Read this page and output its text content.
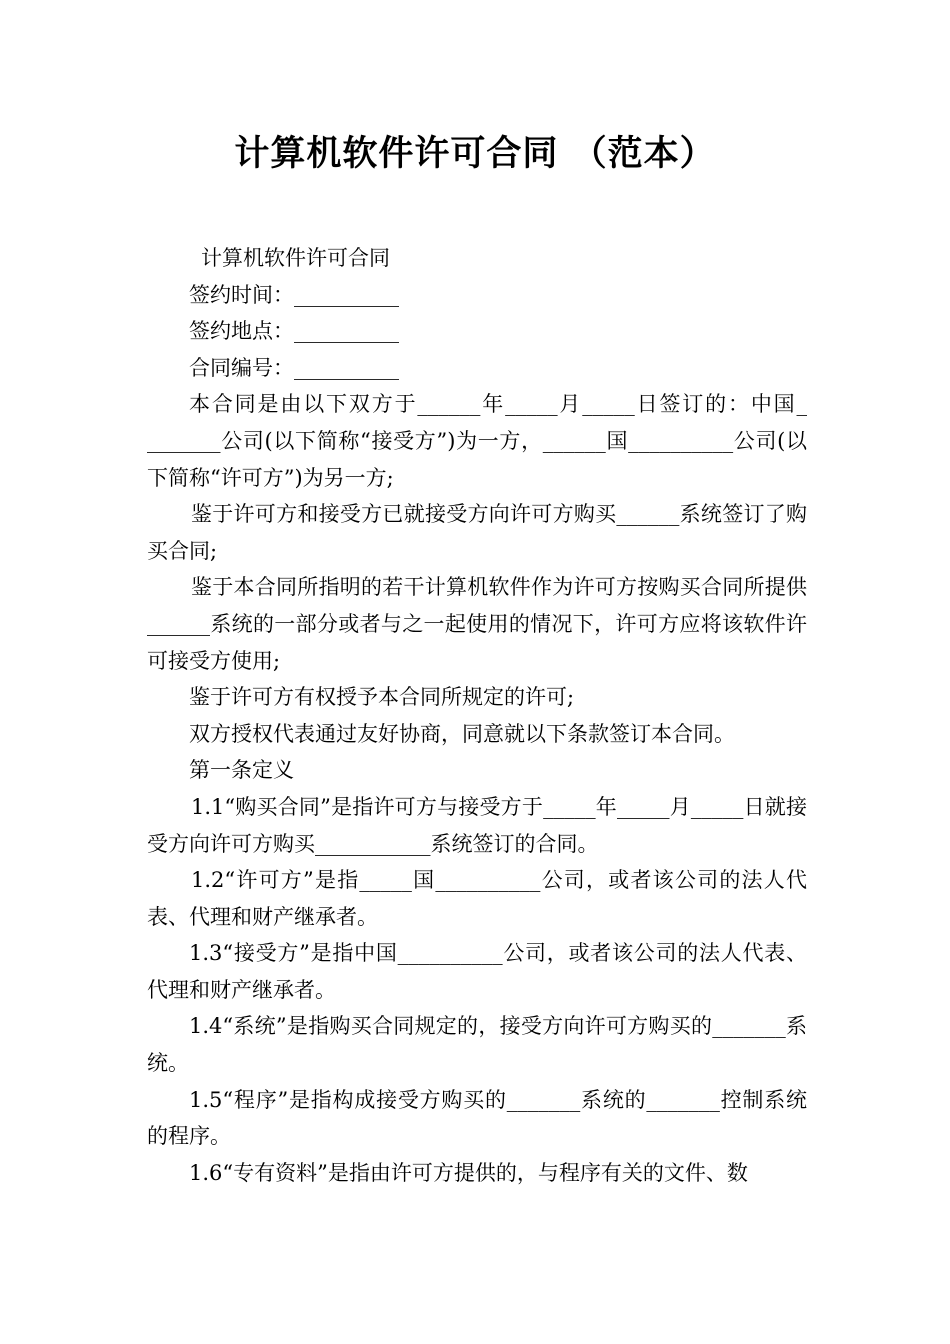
计算机软件许可合同 （范本）

计算机软件许可合同

签约时间：__________

签约地点：__________

合同编号：__________

本合同是由以下双方于______年_____月_____日签订的：中国_ _______公司(以下简称“接受方”)为一方，______国__________公司(以下简称“许可方”)为另一方;

鉴于许可方和接受方已就接受方向许可方购买______系统签订了购买合同;

鉴于本合同所指明的若干计算机软件作为许可方按购买合同所提供______系统的一部分或者与之一起使用的情况下，许可方应将该软件许可接受方使用;

鉴于许可方有权授予本合同所规定的许可;

双方授权代表通过友好协商，同意就以下条款签订本合同。

第一条定义

1.1“购买合同”是指许可方与接受方于_____年_____月_____日就接受方向许可方购买___________系统签订的合同。

1.2“许可方”是指_____国__________公司，或者该公司的法人代表、代理和财产继承者。

1.3“接受方”是指中国__________公司，或者该公司的法人代表、代理和财产继承者。

1.4“系统”是指购买合同规定的，接受方向许可方购买的_______系统。

1.5“程序”是指构成接受方购买的_______系统的_______控制系统的程序。

1.6“专有资料”是指由许可方提供的，与程序有关的文件、数
